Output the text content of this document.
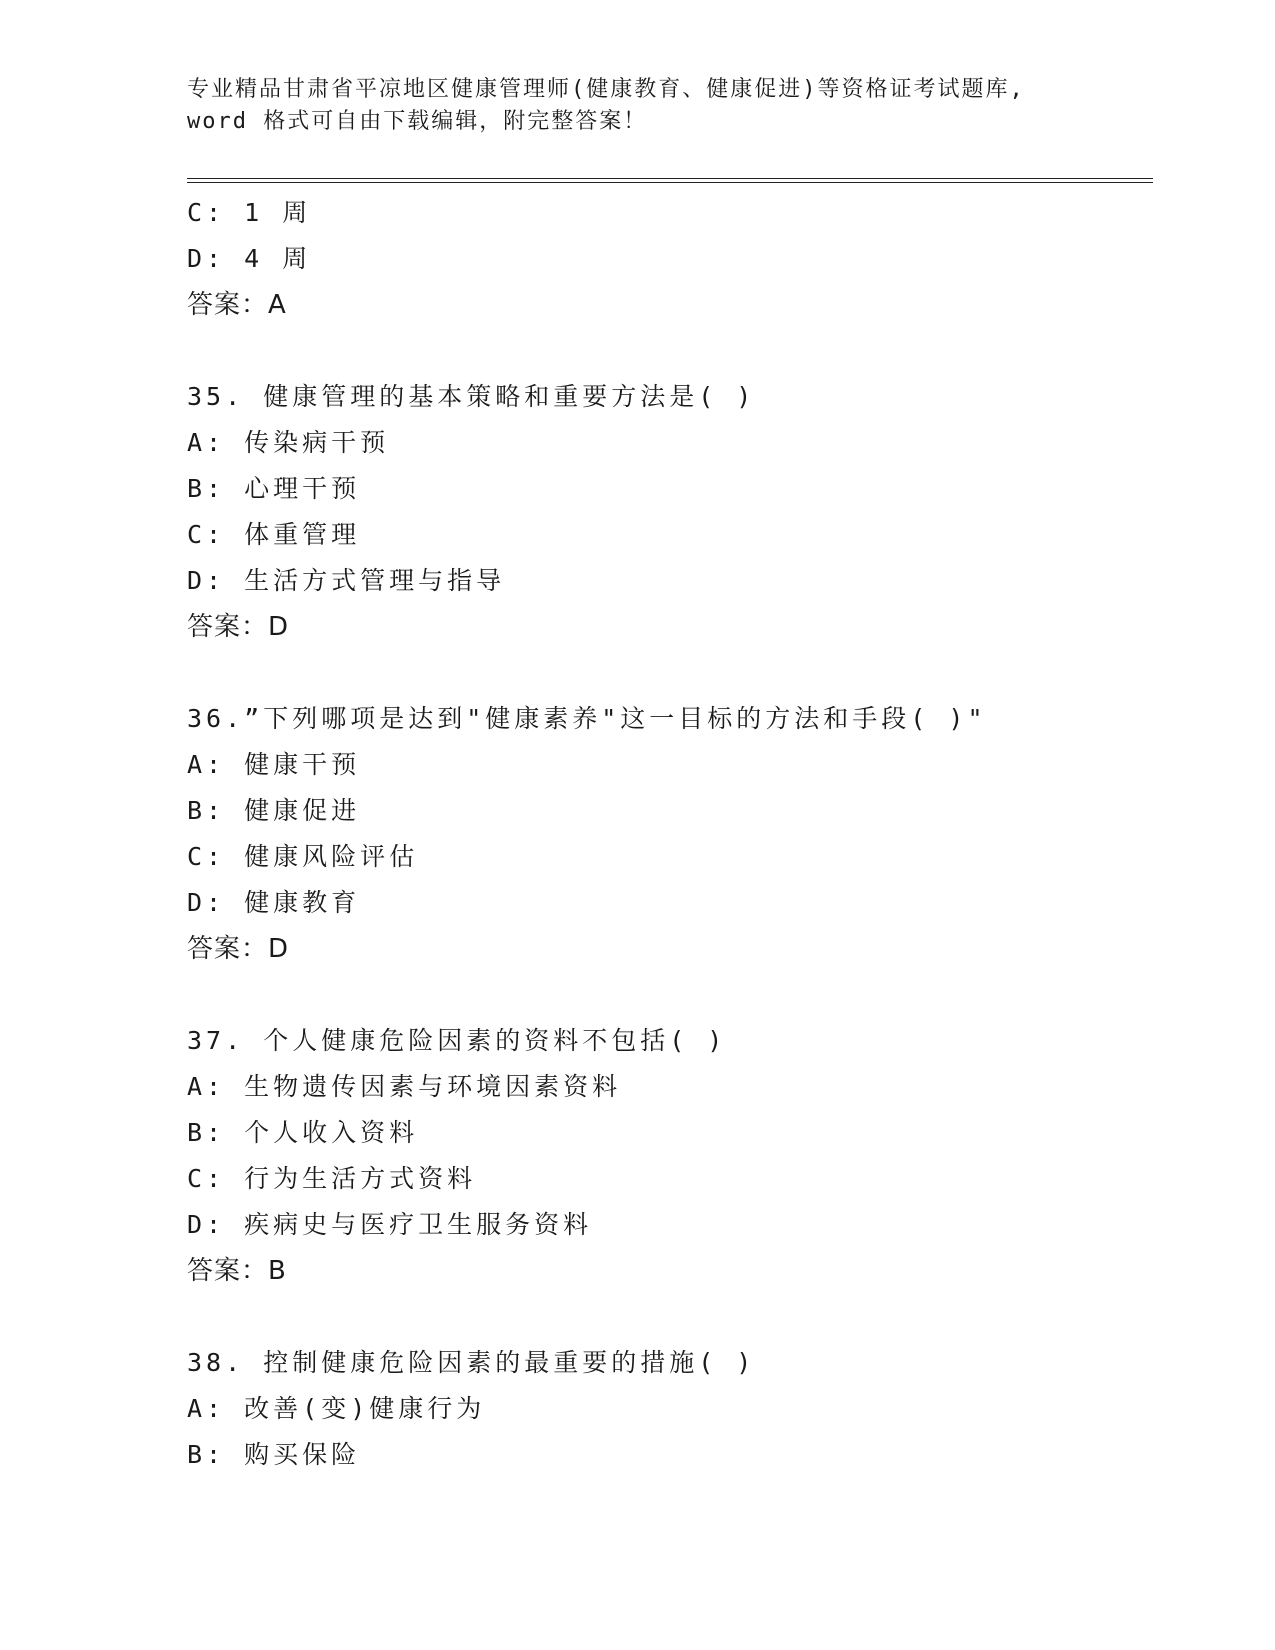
专业精品甘肃省平凉地区健康管理师(健康教育、健康促进)等资格证考试题库,
word 格式可自由下载编辑，附完整答案！
C: 1 周
D: 4 周
答案：A
35. 健康管理的基本策略和重要方法是( )
A: 传染病干预
B: 心理干预
C: 体重管理
D: 生活方式管理与指导
答案：D
36.”下列哪项是达到"健康素养"这一目标的方法和手段( )"
A: 健康干预
B: 健康促进
C: 健康风险评估
D: 健康教育
答案：D
37. 个人健康危险因素的资料不包括( )
A: 生物遗传因素与环境因素资料
B: 个人收入资料
C: 行为生活方式资料
D: 疾病史与医疗卫生服务资料
答案：B
38. 控制健康危险因素的最重要的措施( )
A: 改善(变)健康行为
B: 购买保险
